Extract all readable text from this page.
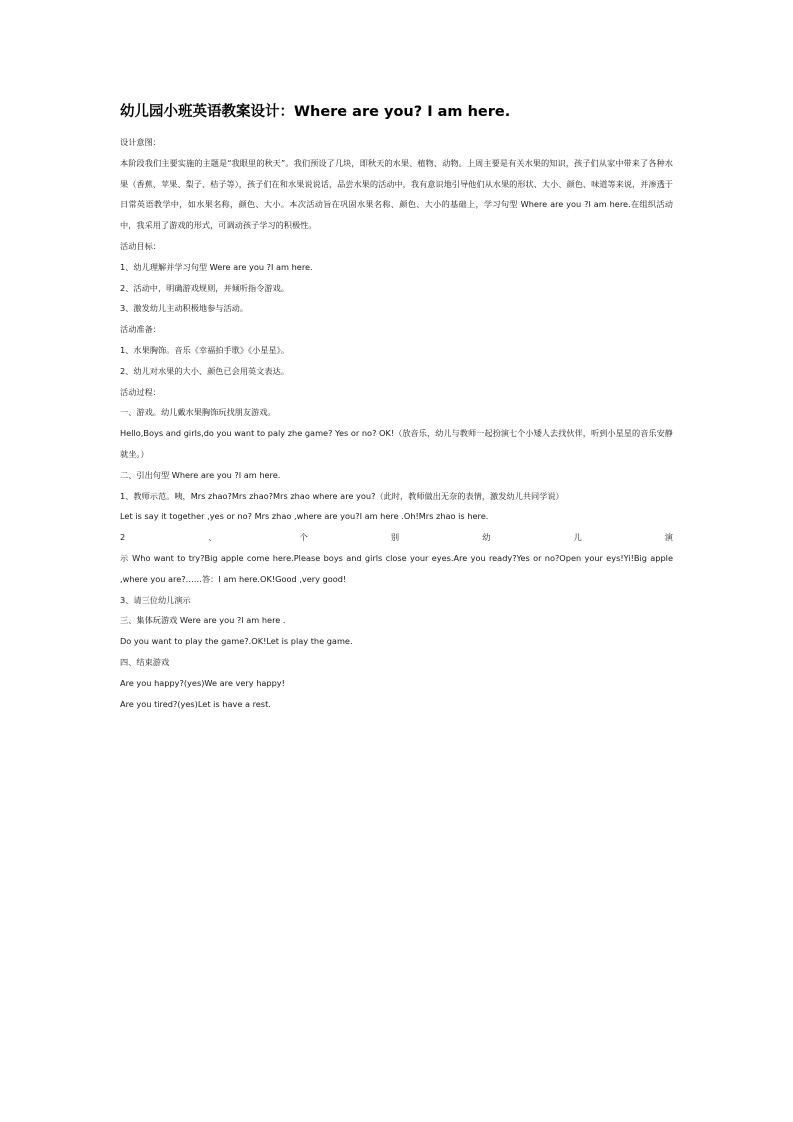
幼儿园小班英语教案设计：Where are you? I am here.

设计意图：

本阶段我们主要实施的主题是“我眼里的秋天”。我们预设了几块，即秋天的水果、植物、动物。上周主要是有关水果的知识，孩子们从家中带来了各种水果（香蕉、苹果、梨子、桔子等），孩子们在和水果说说话，品尝水果的活动中，我有意识地引导他们从水果的形状、大小、颜色、味道等来说，并渗透于日常英语教学中，如水果名称，颜色、大小。本次活动旨在巩固水果名称、颜色、大小的基础上，学习句型 Where are you ?I am here.在组织活动中，我采用了游戏的形式，可调动孩子学习的积极性。

活动目标：

1、幼儿理解并学习句型 Were are you ?I am here.

2、活动中，明确游戏规则，并倾听指令游戏。

3、激发幼儿主动积极地参与活动。

活动准备：

1、水果胸饰。音乐《幸福拍手歌》《小星星》。

2、幼儿对水果的大小、颜色已会用英文表达。

活动过程：

一、游戏。幼儿戴水果胸饰玩找朋友游戏。

Hello,Boys and girls,do you want to paly zhe game? Yes or no? OK!（放音乐，幼儿与教师一起扮演七个小矮人去找伙伴，听到小星星的音乐安静就坐。）

二、引出句型 Where are you ?I am here.

1、教师示范。咦，Mrs zhao?Mrs zhao?Mrs zhao where are you?（此时，教师做出无奈的表情，激发幼儿共同学说）

Let is say it together ,yes or no? Mrs zhao ,where are you?I am here .Oh!Mrs zhao is here.

2	、	个	别	幼	儿	演

示 Who want to try?Big apple come here.Please boys and girls close your eyes.Are you ready?Yes or no?Open your eys!Yi!Big apple ,where you are?……答：I am here.OK!Good ,very good!

3、请三位幼儿演示

三、集体玩游戏 Were are you ?I am here .

Do you want to play the game?.OK!Let is play the game.

四、结束游戏

Are you happy?(yes)We are very happy!

Are you tired?(yes)Let is have a rest.
